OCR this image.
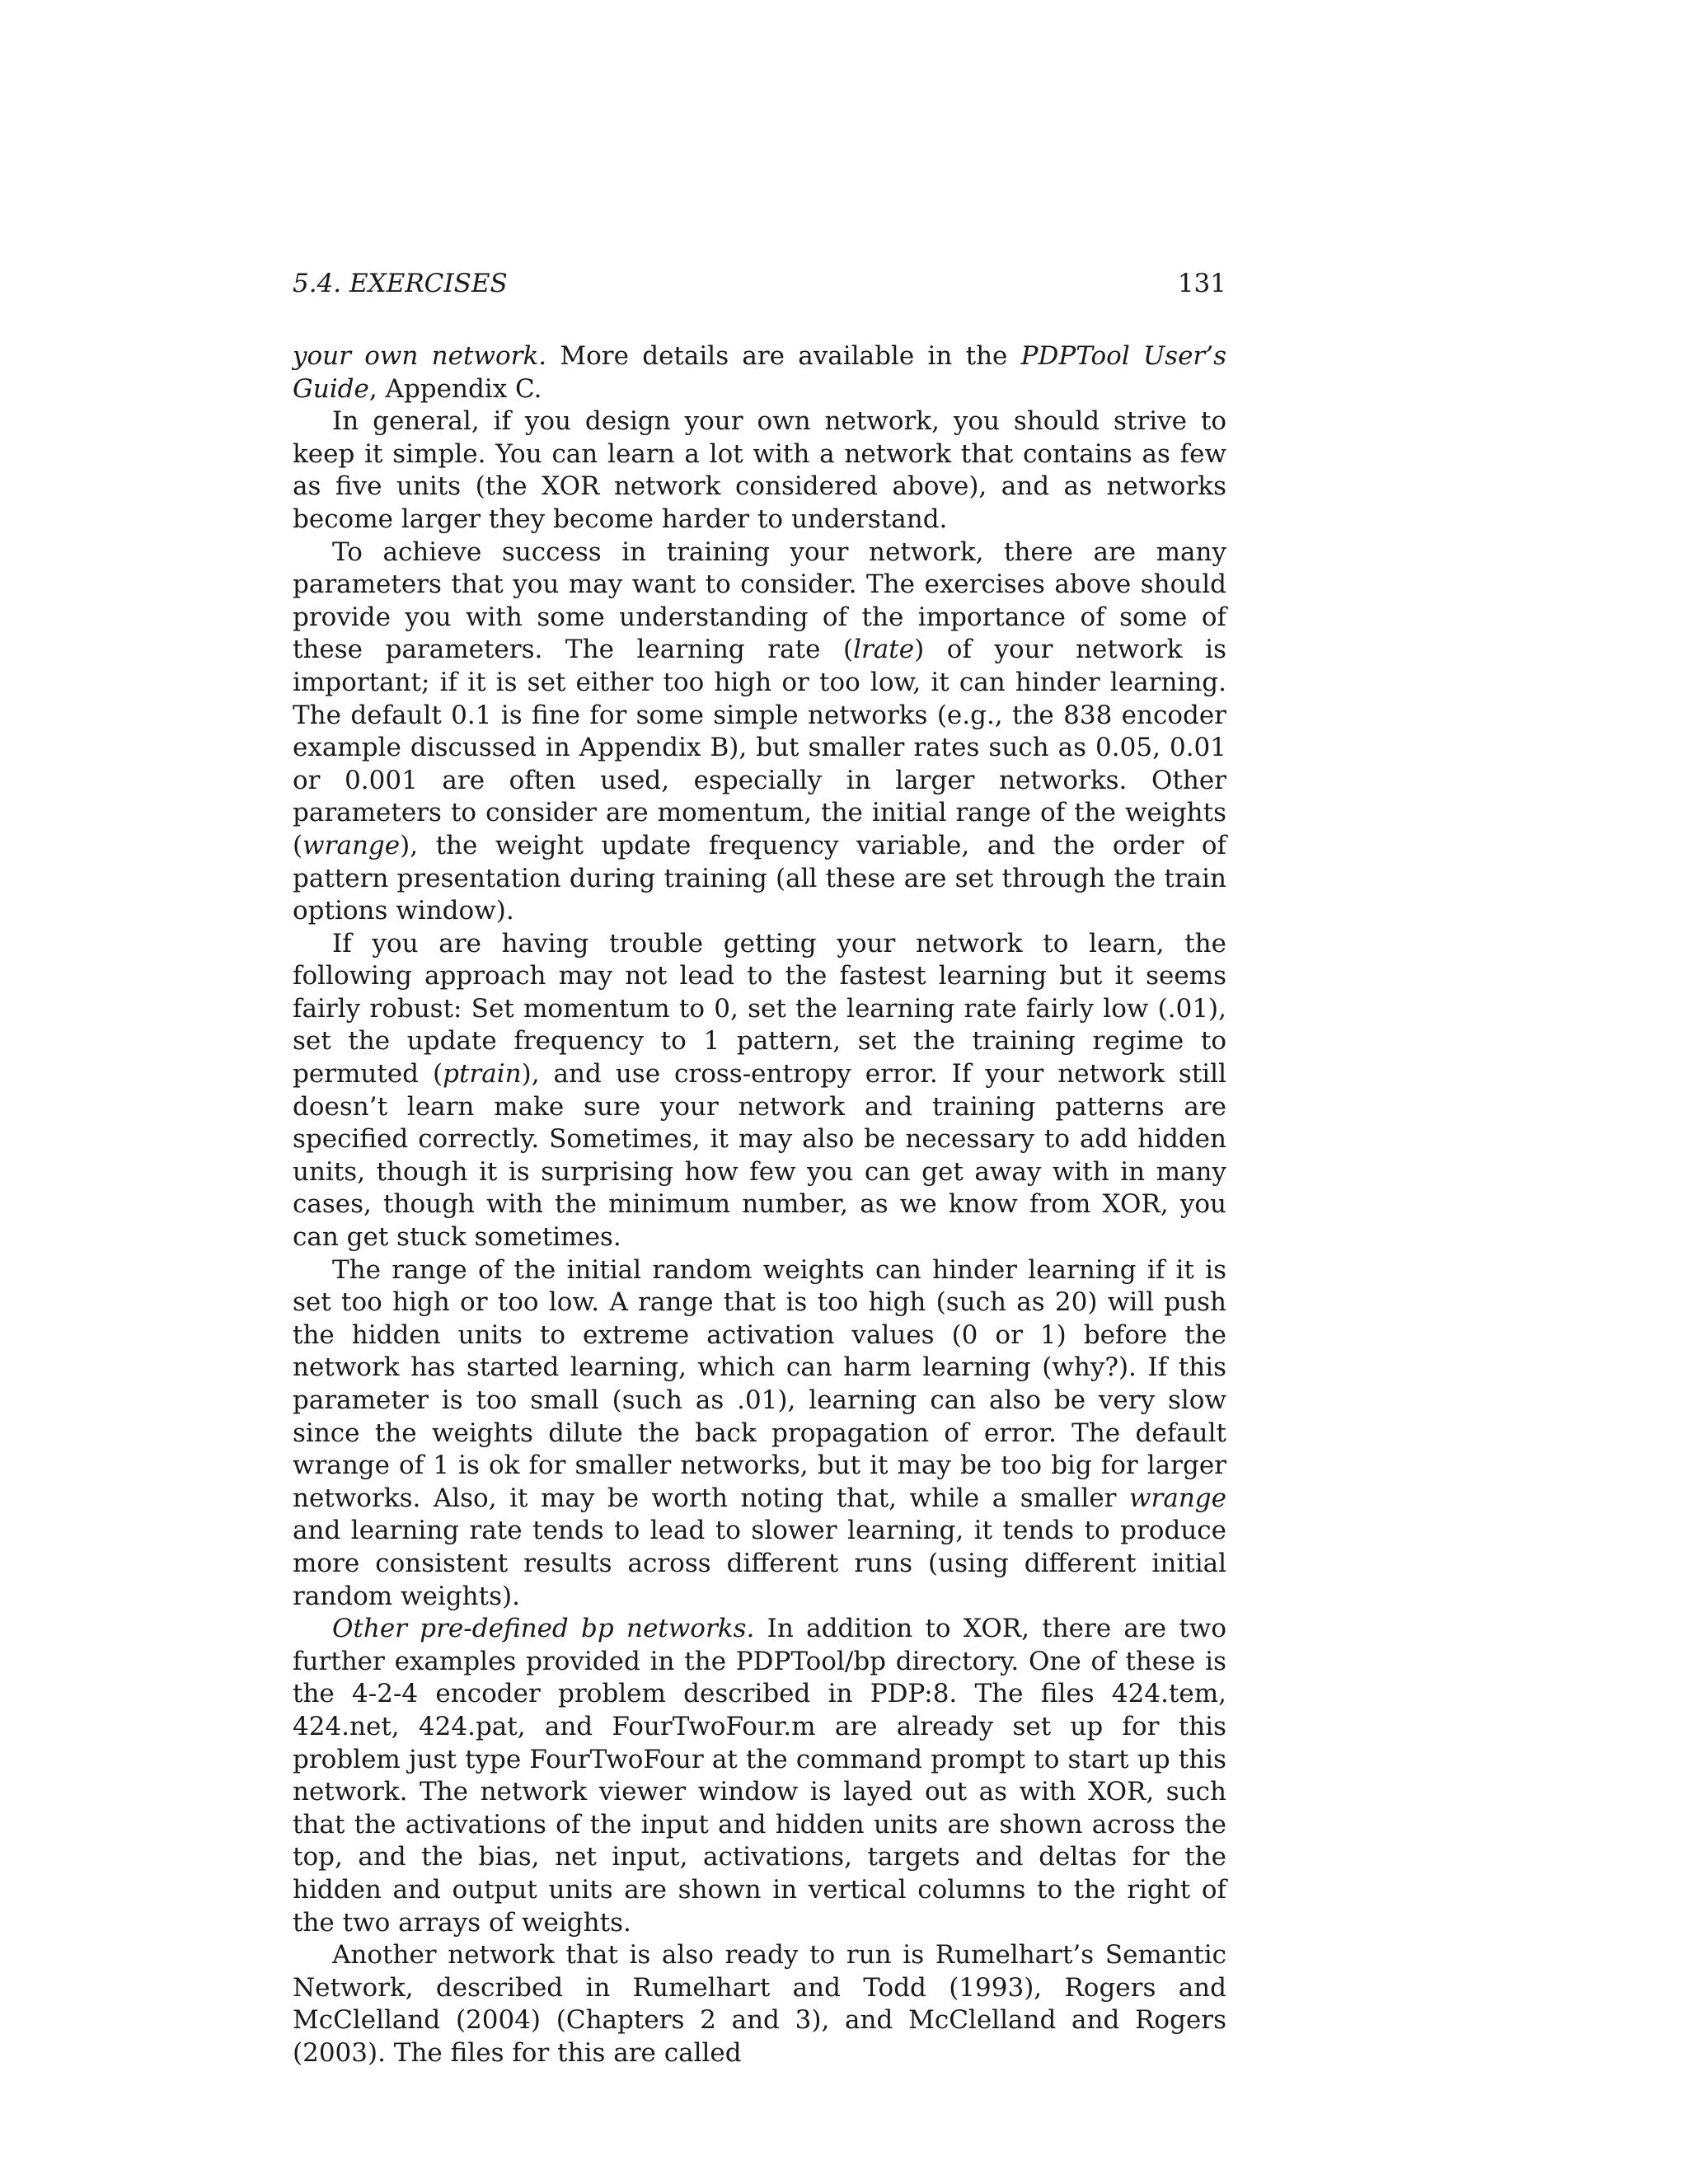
5.4. EXERCISES	131

your own network. More details are available in the PDPTool User’s Guide, Appendix C.

In general, if you design your own network, you should strive to keep it simple. You can learn a lot with a network that contains as few as five units (the XOR network considered above), and as networks become larger they become harder to understand.

To achieve success in training your network, there are many parameters that you may want to consider. The exercises above should provide you with some understanding of the importance of some of these parameters. The learning rate (lrate) of your network is important; if it is set either too high or too low, it can hinder learning. The default 0.1 is fine for some simple networks (e.g., the 838 encoder example discussed in Appendix B), but smaller rates such as 0.05, 0.01 or 0.001 are often used, especially in larger networks. Other parameters to consider are momentum, the initial range of the weights (wrange), the weight update frequency variable, and the order of pattern presentation during training (all these are set through the train options window).

If you are having trouble getting your network to learn, the following approach may not lead to the fastest learning but it seems fairly robust: Set momentum to 0, set the learning rate fairly low (.01), set the update frequency to 1 pattern, set the training regime to permuted (ptrain), and use cross-entropy error. If your network still doesn’t learn make sure your network and training patterns are specified correctly. Sometimes, it may also be necessary to add hidden units, though it is surprising how few you can get away with in many cases, though with the minimum number, as we know from XOR, you can get stuck sometimes.

The range of the initial random weights can hinder learning if it is set too high or too low. A range that is too high (such as 20) will push the hidden units to extreme activation values (0 or 1) before the network has started learning, which can harm learning (why?). If this parameter is too small (such as .01), learning can also be very slow since the weights dilute the back propagation of error. The default wrange of 1 is ok for smaller networks, but it may be too big for larger networks. Also, it may be worth noting that, while a smaller wrange and learning rate tends to lead to slower learning, it tends to produce more consistent results across different runs (using different initial random weights).

Other pre-defined bp networks. In addition to XOR, there are two further examples provided in the PDPTool/bp directory. One of these is the 4-2-4 encoder problem described in PDP:8. The files 424.tem, 424.net, 424.pat, and FourTwoFour.m are already set up for this problem just type FourTwoFour at the command prompt to start up this network. The network viewer window is layed out as with XOR, such that the activations of the input and hidden units are shown across the top, and the bias, net input, activations, targets and deltas for the hidden and output units are shown in vertical columns to the right of the two arrays of weights.

Another network that is also ready to run is Rumelhart’s Semantic Network, described in Rumelhart and Todd (1993), Rogers and McClelland (2004) (Chapters 2 and 3), and McClelland and Rogers (2003). The files for this are called
